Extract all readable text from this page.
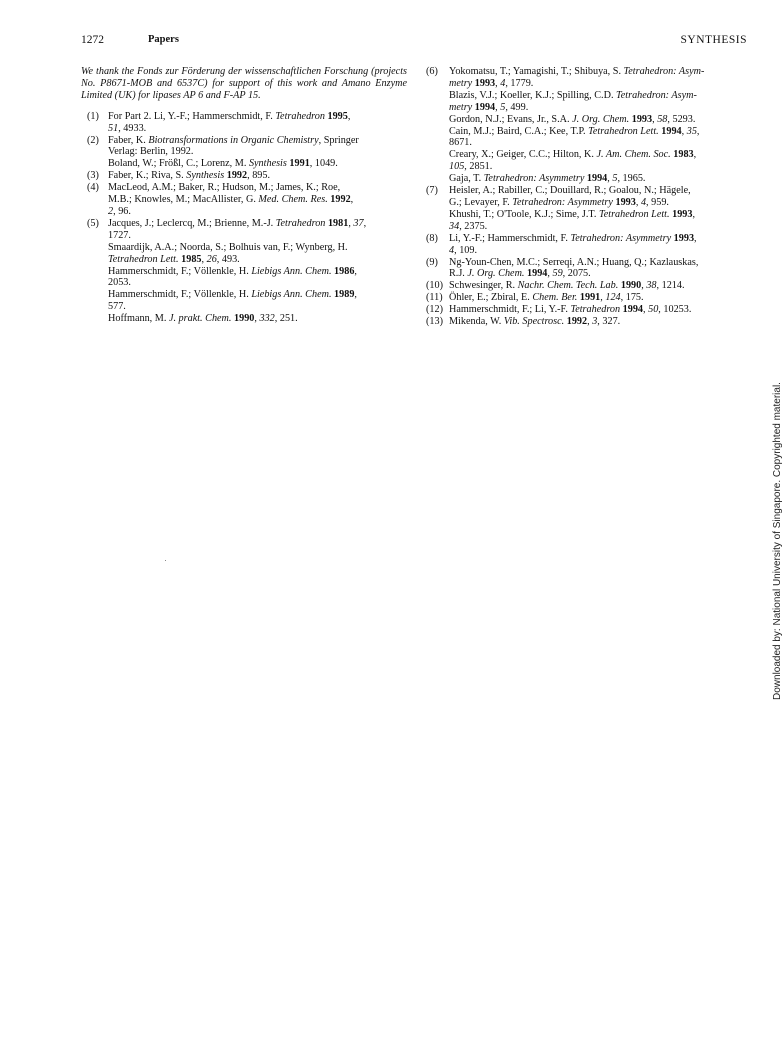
1272	Papers	SYNTHESIS

We thank the Fonds zur Förderung der wissenschaftlichen Forschung (projects No. P8671-MOB and 6537C) for support of this work and Amano Enzyme Limited (UK) for lipases AP 6 and F-AP 15.

(1) For Part 2. Li, Y.-F.; Hammerschmidt, F. Tetrahedron 1995,
51, 4933.
(2) Faber, K. Biotransformations in Organic Chemistry, Springer
Verlag: Berlin, 1992.
Boland, W.; Frößl, C.; Lorenz, M. Synthesis 1991, 1049.
(3) Faber, K.; Riva, S. Synthesis 1992, 895.
(4) MacLeod, A.M.; Baker, R.; Hudson, M.; James, K.; Roe,
M.B.; Knowles, M.; MacAllister, G. Med. Chem. Res. 1992,
2, 96.
(5) Jacques, J.; Leclercq, M.; Brienne, M.-J. Tetrahedron 1981, 37,
1727.
Smaardijk, A.A.; Noorda, S.; Bolhuis van, F.; Wynberg, H.
Tetrahedron Lett. 1985, 26, 493.
Hammerschmidt, F.; Völlenkle, H. Liebigs Ann. Chem. 1986,
2053.
Hammerschmidt, F.; Völlenkle, H. Liebigs Ann. Chem. 1989,
577.
Hoffmann, M. J. prakt. Chem. 1990, 332, 251.
(6) Yokomatsu, T.; Yamagishi, T.; Shibuya, S. Tetrahedron: Asym-
metry 1993, 4, 1779.
Blazis, V.J.; Koeller, K.J.; Spilling, C.D. Tetrahedron: Asym-
metry 1994, 5, 499.
Gordon, N.J.; Evans, Jr., S.A. J. Org. Chem. 1993, 58, 5293.
Cain, M.J.; Baird, C.A.; Kee, T.P. Tetrahedron Lett. 1994, 35,
8671.
Creary, X.; Geiger, C.C.; Hilton, K. J. Am. Chem. Soc. 1983,
105, 2851.
Gaja, T. Tetrahedron: Asymmetry 1994, 5, 1965.
(7) Heisler, A.; Rabiller, C.; Douillard, R.; Goalou, N.; Hägele,
G.; Levayer, F. Tetrahedron: Asymmetry 1993, 4, 959.
Khushi, T.; O'Toole, K.J.; Sime, J.T. Tetrahedron Lett. 1993,
34, 2375.
(8) Li, Y.-F.; Hammerschmidt, F. Tetrahedron: Asymmetry 1993,
4, 109.
(9) Ng-Youn-Chen, M.C.; Serreqi, A.N.; Huang, Q.; Kazlauskas,
R.J. J. Org. Chem. 1994, 59, 2075.
(10) Schwesinger, R. Nachr. Chem. Tech. Lab. 1990, 38, 1214.
(11) Öhler, E.; Zbiral, E. Chem. Ber. 1991, 124, 175.
(12) Hammerschmidt, F.; Li, Y.-F. Tetrahedron 1994, 50, 10253.
(13) Mikenda, W. Vib. Spectrosc. 1992, 3, 327.
Downloaded by: National University of Singapore. Copyrighted material.
